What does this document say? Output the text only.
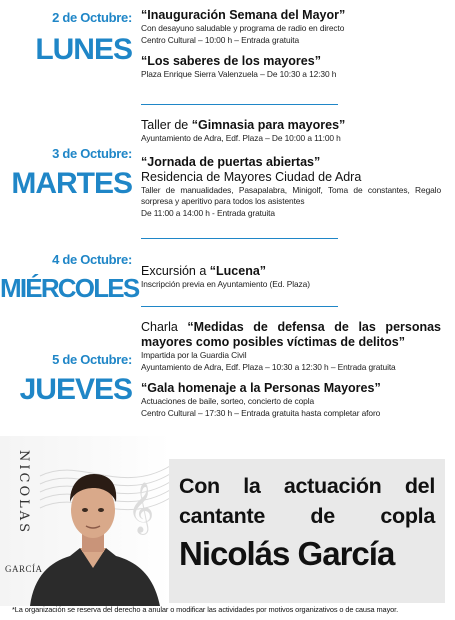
2 de Octubre:
LUNES
“Inauguración Semana del Mayor”
Con desayuno saludable y programa de radio en directo
Centro Cultural – 10:00 h – Entrada gratuita
“Los saberes de los mayores”
Plaza Enrique Sierra Valenzuela – De 10:30 a 12:30 h
3 de Octubre:
MARTES
Taller de “Gimnasia para mayores”
Ayuntamiento de Adra, Edf. Plaza – De 10:00 a 11:00 h
“Jornada de puertas abiertas”
Residencia de Mayores Ciudad de Adra
Taller de manualidades, Pasapalabra, Minigolf, Toma de constantes, Regalo sorpresa y aperitivo para todos los asistentes
De 11:00 a 14:00 h - Entrada gratuita
4 de Octubre:
MIÉRCOLES
Excursión a “Lucena”
Inscripción previa en Ayuntamiento (Ed. Plaza)
5 de Octubre:
JUEVES
Charla “Medidas de defensa de las personas mayores como posibles víctimas de delitos”
Impartida por la Guardia Civil
Ayuntamiento de Adra, Edf. Plaza – 10:30 a 12:30 h – Entrada gratuita
“Gala homenaje a la Personas Mayores”
Actuaciones de baile, sorteo, concierto de copla
Centro Cultural – 17:30 h – Entrada gratuita hasta completar aforo
𝄞
NICOLAS
GARCÍA
Con la actuación del
cantante de copla
Nicolás García
*La organización se reserva del derecho a anular o modificar las actividades por motivos organizativos o de causa mayor.
